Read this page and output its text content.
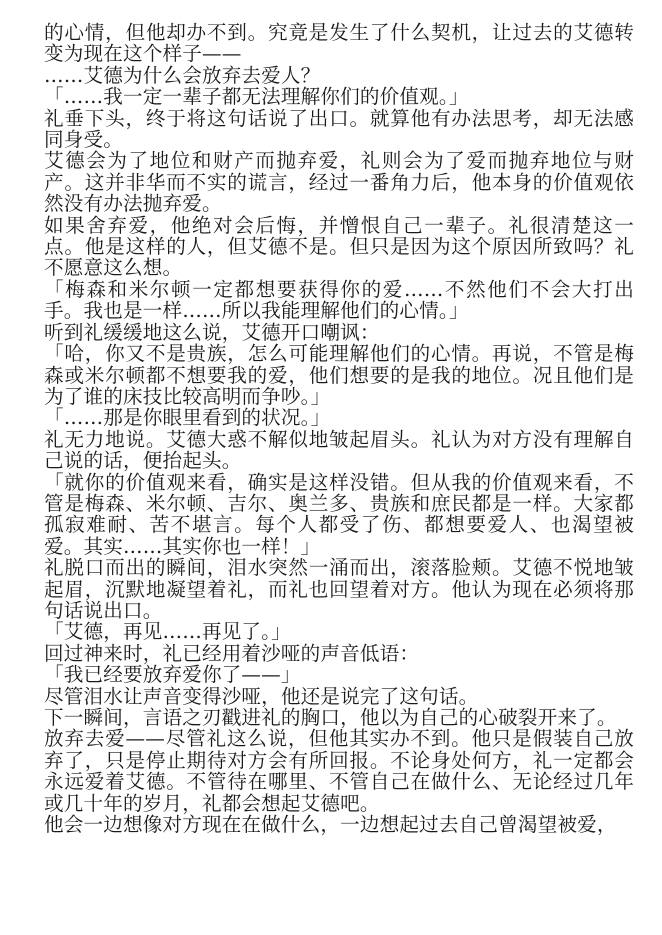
的心情，但他却办不到。究竟是发生了什么契机，让过去的艾德转变为现在这个样子——

……艾德为什么会放弃去爱人？

「……我一定一辈子都无法理解你们的价值观。」

礼垂下头，终于将这句话说了出口。就算他有办法思考，却无法感同身受。

艾德会为了地位和财产而抛弃爱，礼则会为了爱而抛弃地位与财产。这并非华而不实的谎言，经过一番角力后，他本身的价值观依然没有办法抛弃爱。

如果舍弃爱，他绝对会后悔，并憎恨自己一辈子。礼很清楚这一点。他是这样的人，但艾德不是。但只是因为这个原因所致吗？礼不愿意这么想。

「梅森和米尔顿一定都想要获得你的爱……不然他们不会大打出手。我也是一样……所以我能理解他们的心情。」

听到礼缓缓地这么说，艾德开口嘲讽：

「哈，你又不是贵族，怎么可能理解他们的心情。再说，不管是梅森或米尔顿都不想要我的爱，他们想要的是我的地位。况且他们是为了谁的床技比较高明而争吵。」

「……那是你眼里看到的状况。」

礼无力地说。艾德大惑不解似地皱起眉头。礼认为对方没有理解自己说的话，便抬起头。

「就你的价值观来看，确实是这样没错。但从我的价值观来看，不管是梅森、米尔顿、吉尔、奥兰多、贵族和庶民都是一样。大家都孤寂难耐、苦不堪言。每个人都受了伤、都想要爱人、也渴望被爱。其实……其实你也一样！」

礼脱口而出的瞬间，泪水突然一涌而出，滚落脸颊。艾德不悦地皱起眉，沉默地凝望着礼，而礼也回望着对方。他认为现在必须将那句话说出口。

「艾德，再见……再见了。」

回过神来时，礼已经用着沙哑的声音低语：

「我已经要放弃爱你了——」

尽管泪水让声音变得沙哑，他还是说完了这句话。

下一瞬间，言语之刃戳进礼的胸口，他以为自己的心破裂开来了。

放弃去爱——尽管礼这么说，但他其实办不到。他只是假装自己放弃了，只是停止期待对方会有所回报。不论身处何方，礼一定都会永远爱着艾德。不管待在哪里、不管自己在做什么、无论经过几年或几十年的岁月，礼都会想起艾德吧。

他会一边想像对方现在在做什么，一边想起过去自己曾渴望被爱，
